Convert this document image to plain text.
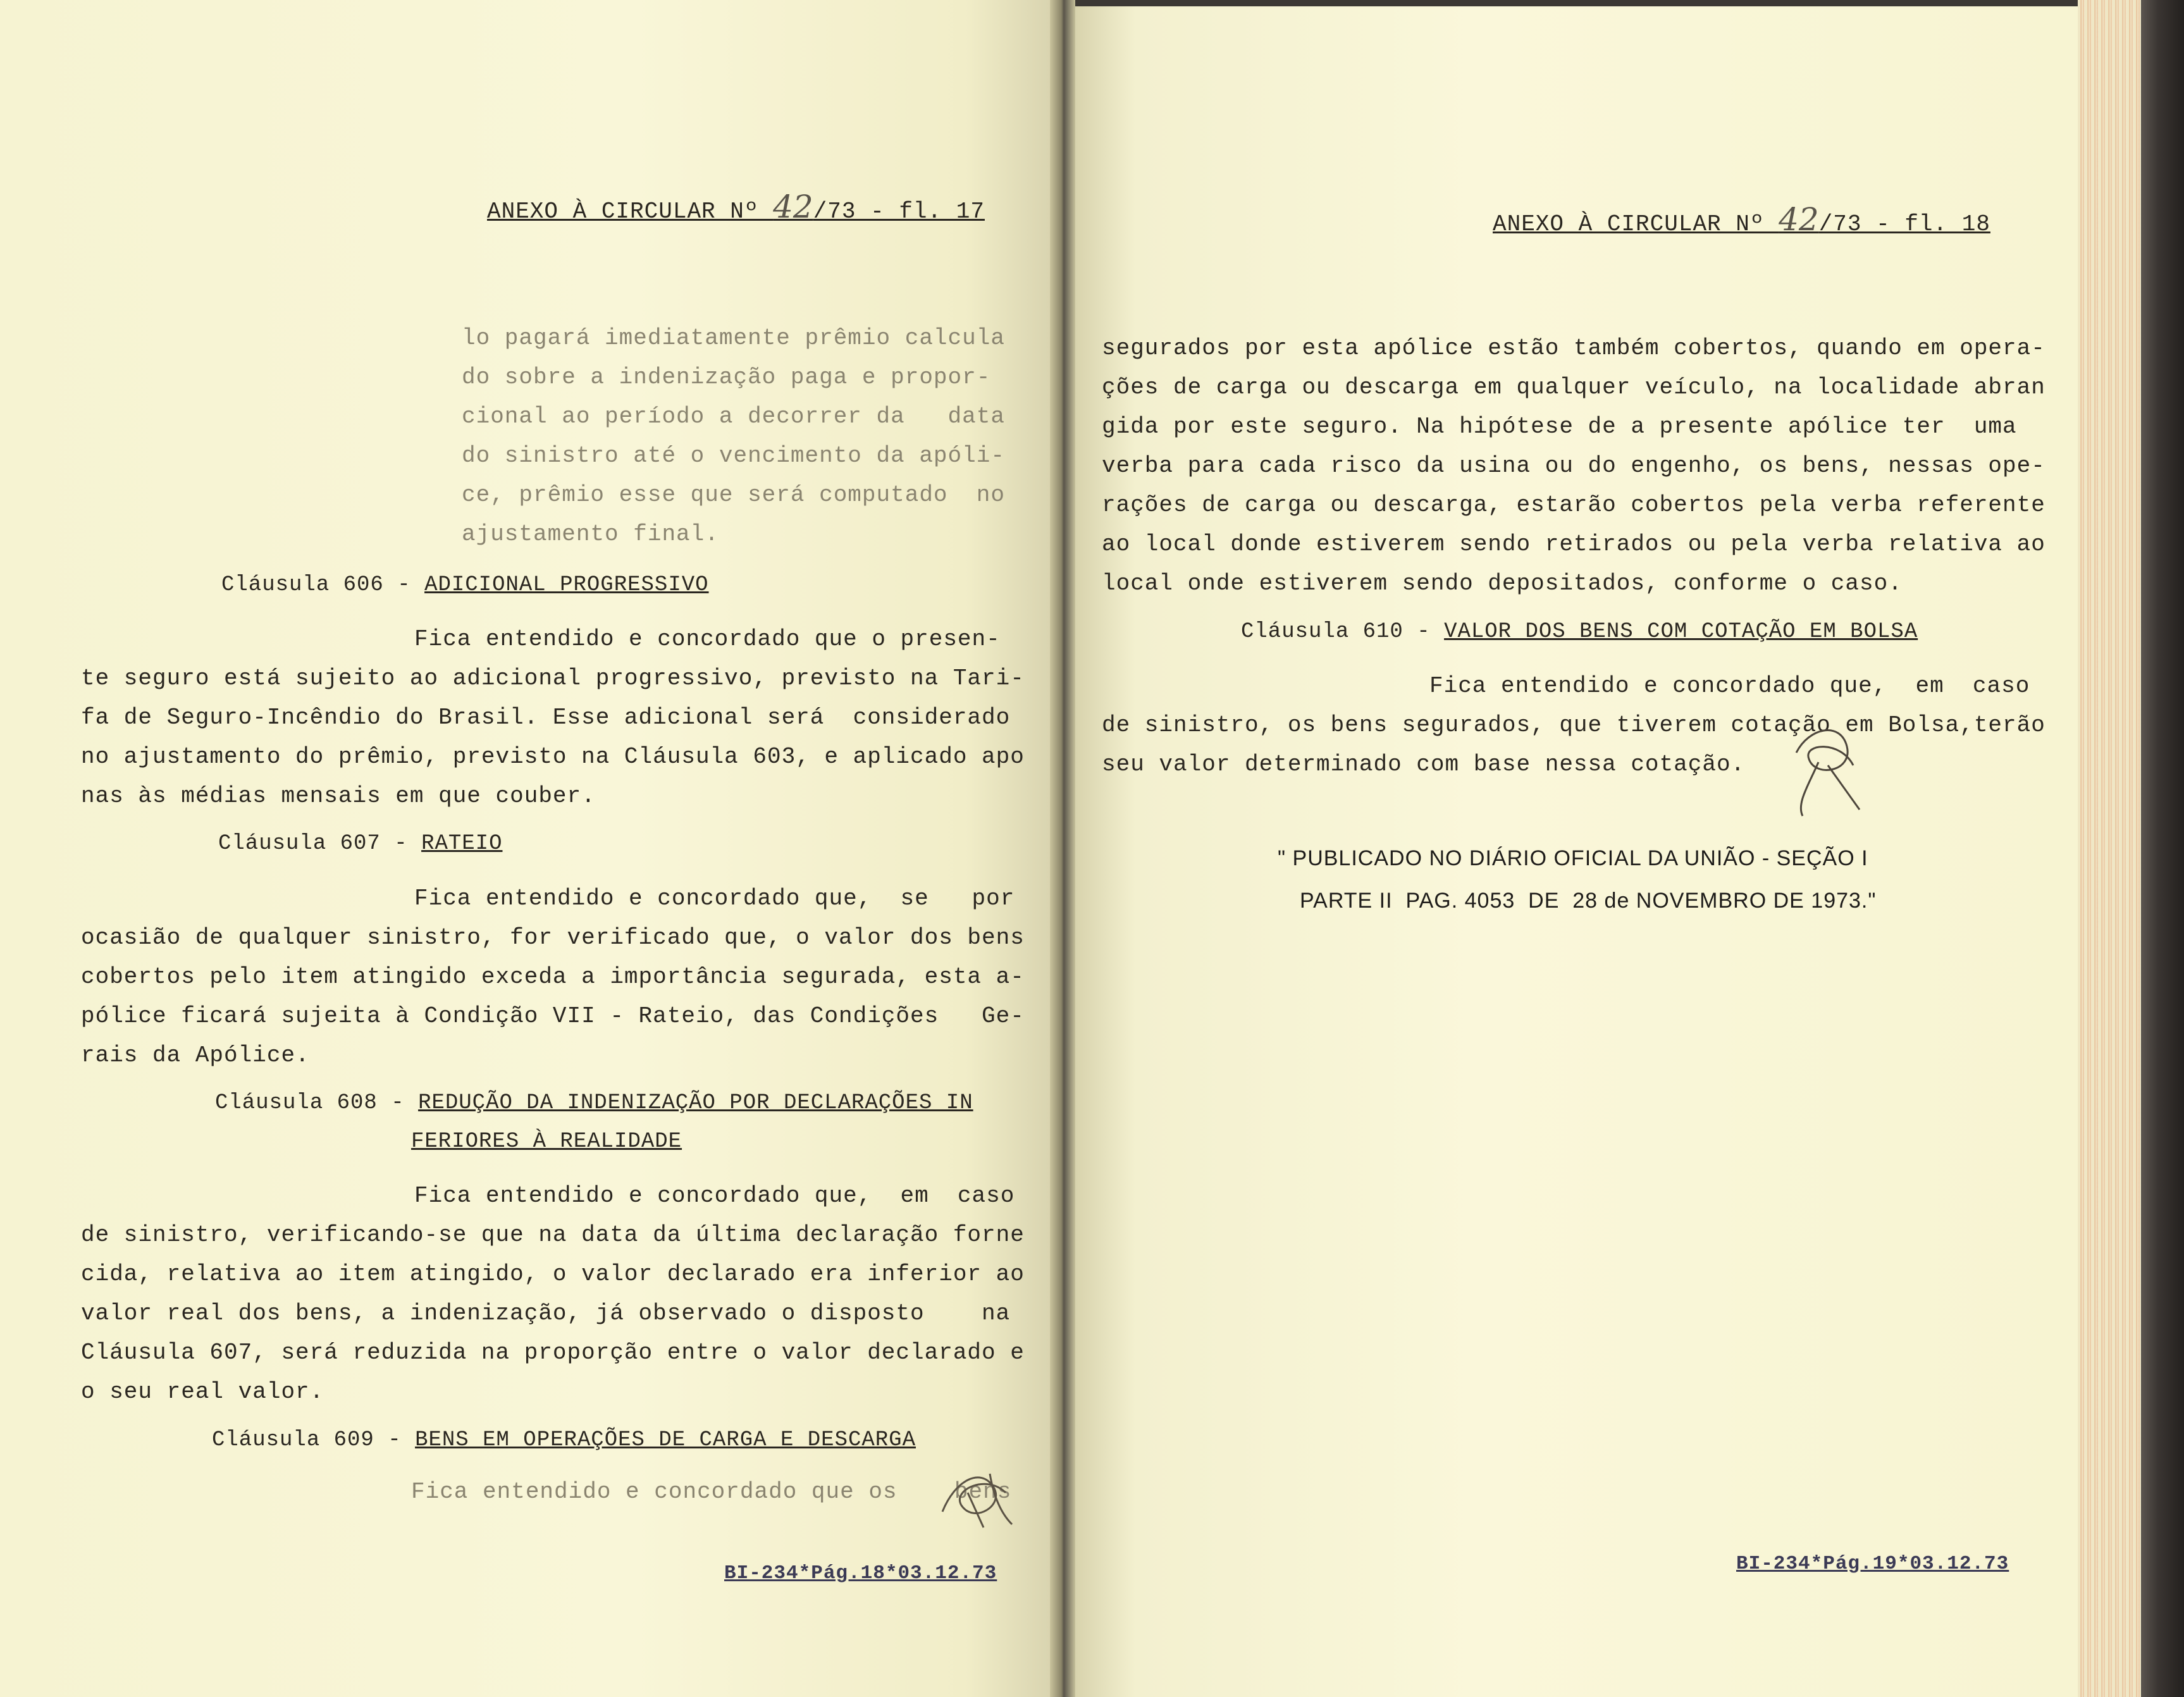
ANEXO À CIRCULAR Nº 42/73 - fl. 17
lo pagará imediatamente prêmio calcula
do sobre a indenização paga e propor-
cional ao período a decorrer da   data
do sinistro até o vencimento da apóli-
ce, prêmio esse que será computado  no
ajustamento final.
Cláusula 606 - ADICIONAL PROGRESSIVO
Fica entendido e concordado que o presen-
te seguro está sujeito ao adicional progressivo, previsto na Tari-
fa de Seguro-Incêndio do Brasil. Esse adicional será  considerado
no ajustamento do prêmio, previsto na Cláusula 603, e aplicado apo
nas às médias mensais em que couber.
Cláusula 607 - RATEIO
Fica entendido e concordado que,  se   por
ocasião de qualquer sinistro, for verificado que, o valor dos bens
cobertos pelo item atingido exceda a importância segurada, esta a-
pólice ficará sujeita à Condição VII - Rateio, das Condições   Ge-
rais da Apólice.
Cláusula 608 - REDUÇÃO DA INDENIZAÇÃO POR DECLARAÇÕES IN
FERIORES À REALIDADE
Fica entendido e concordado que,  em  caso
de sinistro, verificando-se que na data da última declaração forne
cida, relativa ao item atingido, o valor declarado era inferior ao
valor real dos bens, a indenização, já observado o disposto    na
Cláusula 607, será reduzida na proporção entre o valor declarado e
o seu real valor.
Cláusula 609 - BENS EM OPERAÇÕES DE CARGA E DESCARGA
Fica entendido e concordado que os    bens
BI-234*Pág.18*03.12.73
ANEXO À CIRCULAR Nº 42/73 - fl. 18
segurados por esta apólice estão também cobertos, quando em opera-
ções de carga ou descarga em qualquer veículo, na localidade abran
gida por este seguro. Na hipótese de a presente apólice ter  uma
verba para cada risco da usina ou do engenho, os bens, nessas ope-
rações de carga ou descarga, estarão cobertos pela verba referente
ao local donde estiverem sendo retirados ou pela verba relativa ao
local onde estiverem sendo depositados, conforme o caso.
Cláusula 610 - VALOR DOS BENS COM COTAÇÃO EM BOLSA
Fica entendido e concordado que,  em  caso
de sinistro, os bens segurados, que tiverem cotação em Bolsa,terão
seu valor determinado com base nessa cotação.
" PUBLICADO NO DIÁRIO OFICIAL DA UNIÃO - SEÇÃO I
PARTE II  PAG. 4053  DE  28 de NOVEMBRO DE 1973."
BI-234*Pág.19*03.12.73
